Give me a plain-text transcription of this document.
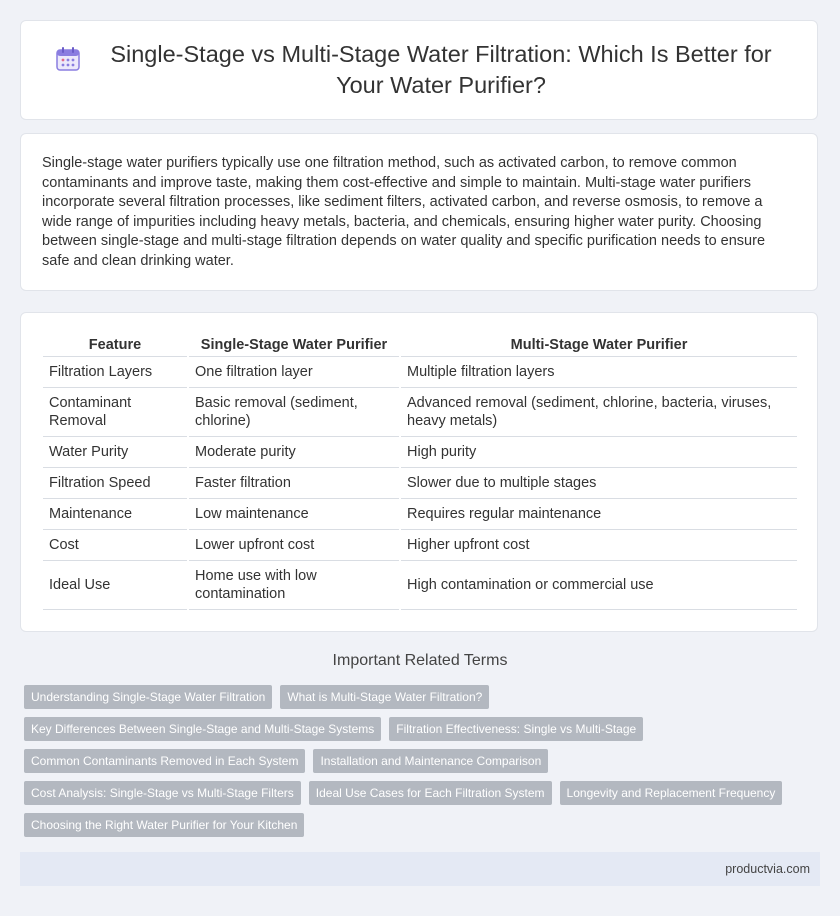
Single-Stage vs Multi-Stage Water Filtration: Which Is Better for Your Water Purifier?

Single-stage water purifiers typically use one filtration method, such as activated carbon, to remove common contaminants and improve taste, making them cost-effective and simple to maintain. Multi-stage water purifiers incorporate several filtration processes, like sediment filters, activated carbon, and reverse osmosis, to remove a wide range of impurities including heavy metals, bacteria, and chemicals, ensuring higher water purity. Choosing between single-stage and multi-stage filtration depends on water quality and specific purification needs to ensure safe and clean drinking water.

Feature	Single-Stage Water Purifier	Multi-Stage Water Purifier
Filtration Layers	One filtration layer	Multiple filtration layers
Contaminant Removal	Basic removal (sediment, chlorine)	Advanced removal (sediment, chlorine, bacteria, viruses, heavy metals)
Water Purity	Moderate purity	High purity
Filtration Speed	Faster filtration	Slower due to multiple stages
Maintenance	Low maintenance	Requires regular maintenance
Cost	Lower upfront cost	Higher upfront cost
Ideal Use	Home use with low contamination	High contamination or commercial use
Important Related Terms
Understanding Single-Stage Water Filtration	What is Multi-Stage Water Filtration?
Key Differences Between Single-Stage and Multi-Stage Systems	Filtration Effectiveness: Single vs Multi-Stage
Common Contaminants Removed in Each System	Installation and Maintenance Comparison
Cost Analysis: Single-Stage vs Multi-Stage Filters	Ideal Use Cases for Each Filtration System	Longevity and Replacement Frequency
Choosing the Right Water Purifier for Your Kitchen
productvia.com
